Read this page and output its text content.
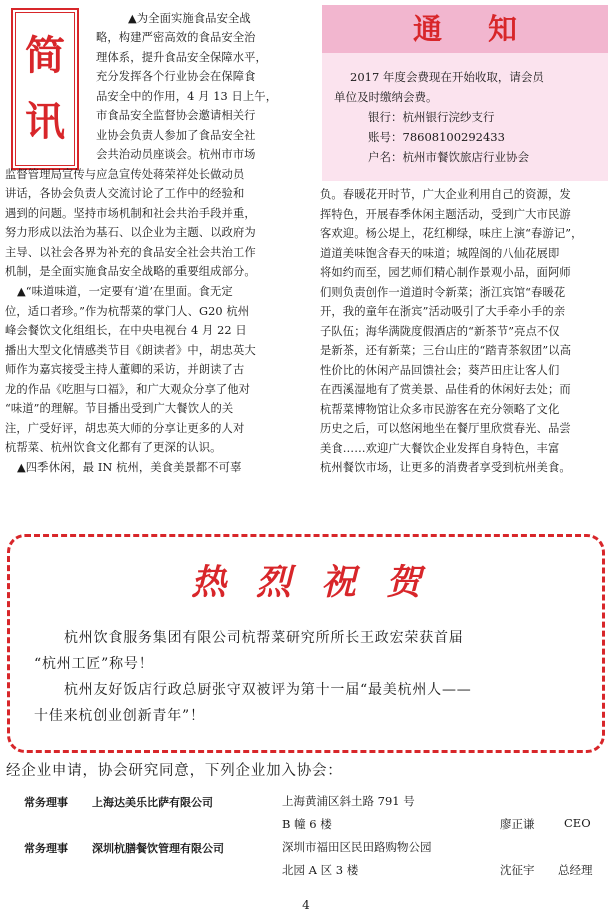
简
讯
▲为全面实施食品安全战
略，构建严密高效的食品安全治
理体系，提升食品安全保障水平，
充分发挥各个行业协会在保障食
品安全中的作用，4 月 13 日上午，
市食品安全监督协会邀请相关行
业协会负责人参加了食品安全社
会共治动员座谈会。杭州市市场
监督管理局宣传与应急宣传处蒋荣祥处长做动员
讲话，各协会负责人交流讨论了工作中的经验和
遇到的问题。坚持市场机制和社会共治手段并重，
努力形成以法治为基石、以企业为主题、以政府为
主导、以社会各界为补充的食品安全社会共治工作
机制，是全面实施食品安全战略的重要组成部分。
▲“味道味道，一定要有‘道’在里面。食无定
位，适口者珍。”作为杭帮菜的掌门人、G20 杭州
峰会餐饮文化组组长，在中央电视台 4 月 22 日
播出大型文化情感类节目《朗读者》中，胡忠英大
师作为嘉宾接受主持人董卿的采访，并朗读了古
龙的作品《吃胆与口福》，和广大观众分享了他对
“味道”的理解。节目播出受到广大餐饮人的关
注，广受好评，胡忠英大师的分享让更多的人对
杭帮菜、杭州饮食文化都有了更深的认识。
▲四季休闲，最 IN 杭州，美食美景都不可辜
通知
2017 年度会费现在开始收取，请会员
单位及时缴纳会费。
银行：杭州银行浣纱支行
账号：78608100292433
户名：杭州市餐饮旅店行业协会
负。春暖花开时节，广大企业利用自己的资源，发
挥特色，开展春季休闲主题活动，受到广大市民游
客欢迎。杨公堤上，花红柳绿，味庄上演“春游记”，
道道美味饱含春天的味道；城隍阁的八仙花展即
将如约而至，园艺师们精心制作景观小品，面阿师
们则负责创作一道道时令新菜；浙江宾馆“春暖花
开，我的童年在浙宾”活动吸引了大手牵小手的亲
子队伍；海华满陇度假酒店的“新茶节”亮点不仅
是新茶，还有新菜；三台山庄的“踏青茶叙团”以高
性价比的休闲产品回馈社会；葵芦田庄让客人们
在西溪湿地有了赏美景、品佳肴的休闲好去处；而
杭帮菜博物馆让众多市民游客在充分领略了文化
历史之后，可以悠闲地坐在餐厅里欣赏春光、品尝
美食……欢迎广大餐饮企业发挥自身特色，丰富
杭州餐饮市场，让更多的消费者享受到杭州美食。
热烈祝贺
杭州饮食服务集团有限公司杭帮菜研究所所长王政宏荣获首届
“杭州工匠”称号！
杭州友好饭店行政总厨张守双被评为第十一届“最美杭州人——
十佳来杭创业创新青年”！
经企业申请，协会研究同意，下列企业加入协会：
常务理事 上海达美乐比萨有限公司	上海黄浦区斜土路 791 号
B 幢 6 楼	廖正谦	CEO
常务理事 深圳杭膳餐饮管理有限公司	深圳市福田区民田路购物公园
北园 A 区 3 楼	沈征宇 总经理
4
